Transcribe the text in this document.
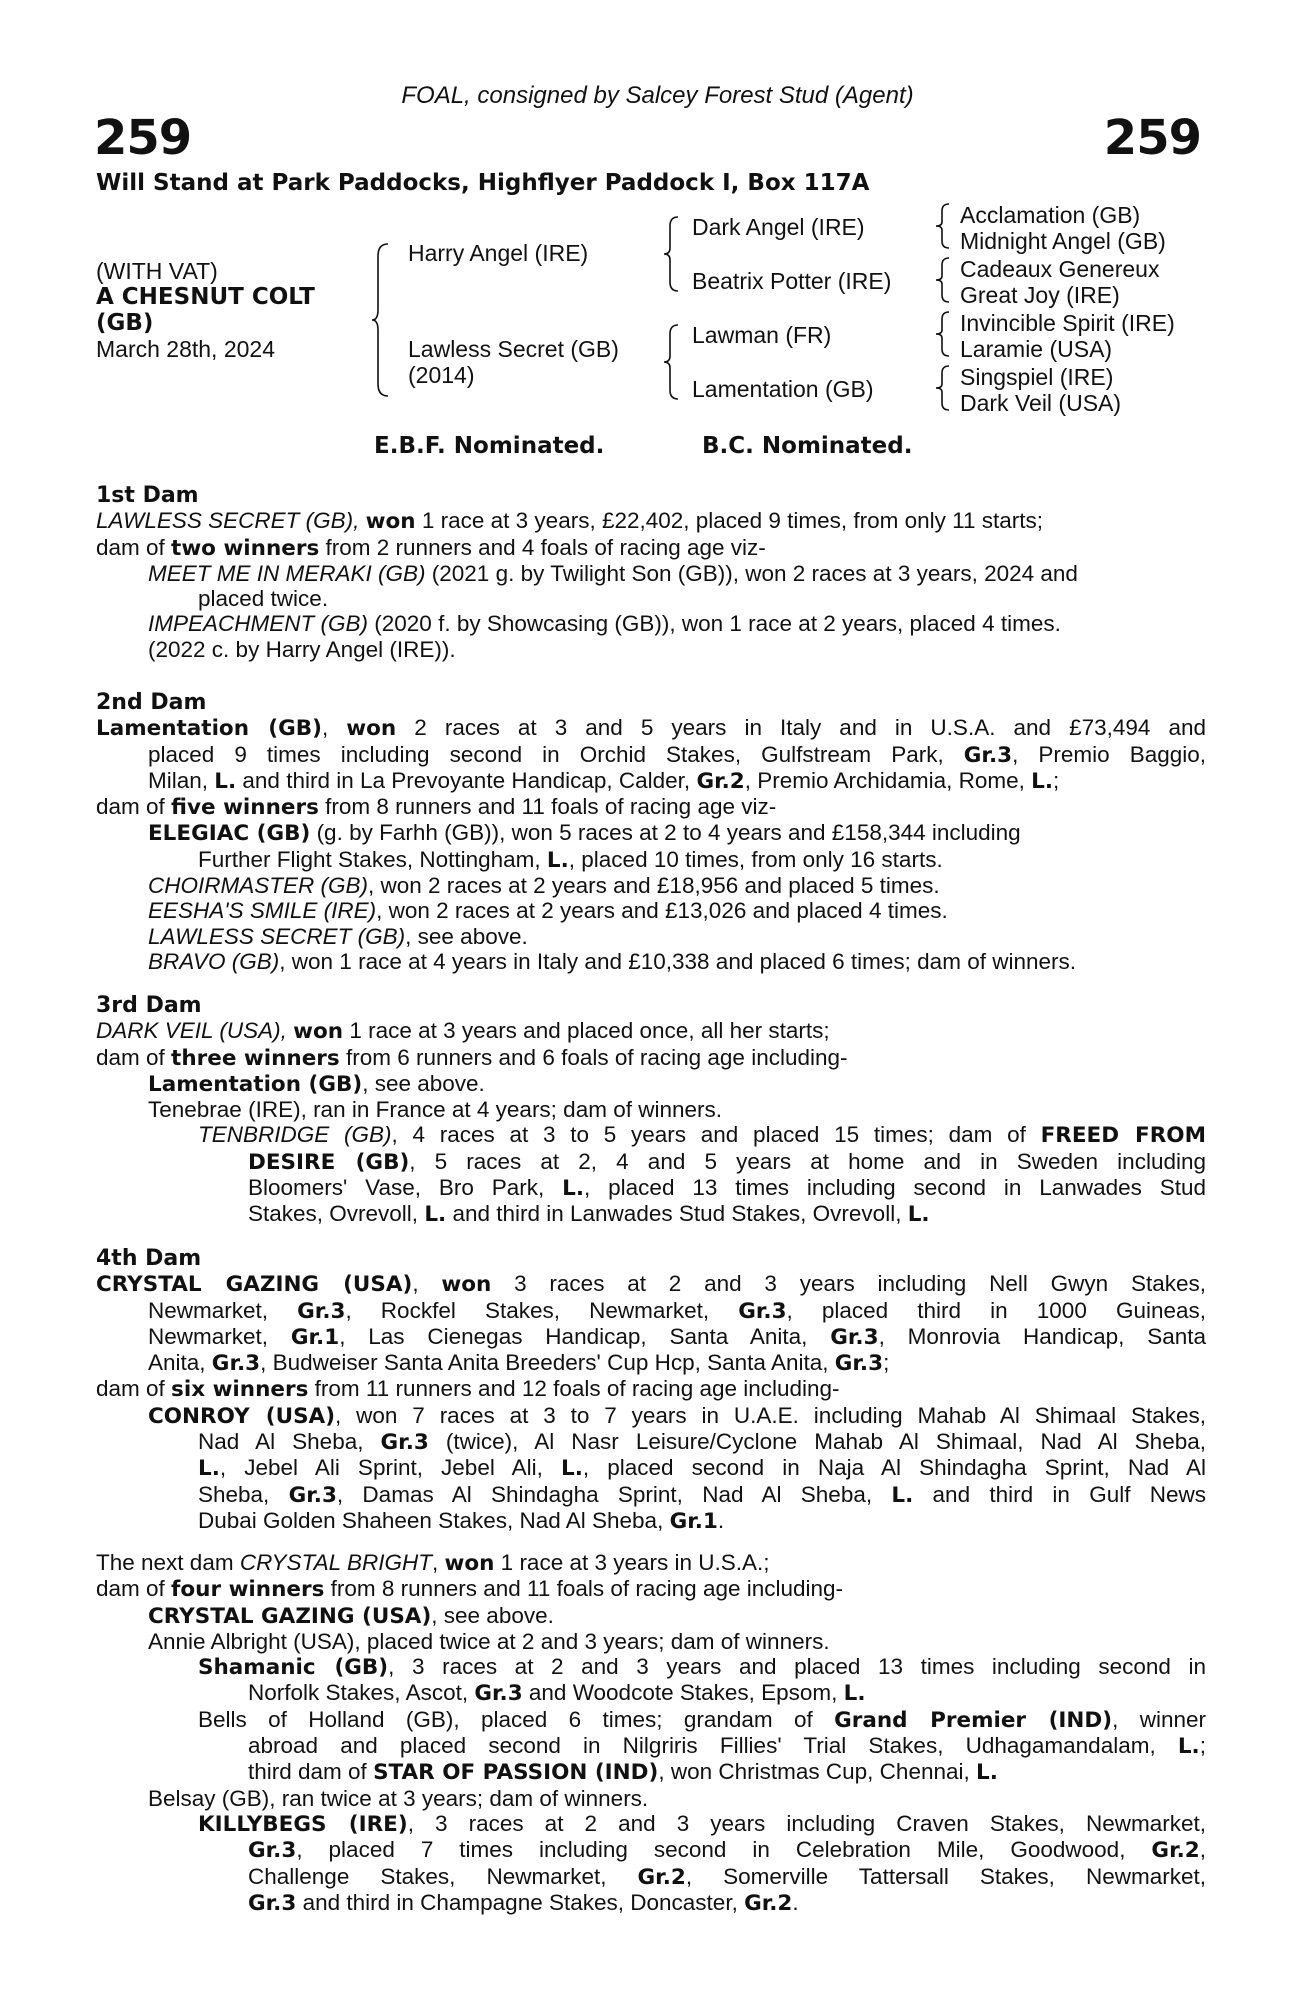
FOAL, consigned by Salcey Forest Stud (Agent)
259	259
Will Stand at Park Paddocks, Highflyer Paddock I, Box 117A
(WITH VAT)
A CHESNUT COLT
(GB)
March 28th, 2024
Harry Angel (IRE)
Lawless Secret (GB)
(2014)
Dark Angel (IRE)
Beatrix Potter (IRE)
Lawman (FR)
Lamentation (GB)
Acclamation (GB)
Midnight Angel (GB)
Cadeaux Genereux
Great Joy (IRE)
Invincible Spirit (IRE)
Laramie (USA)
Singspiel (IRE)
Dark Veil (USA)
E.B.F. Nominated.	B.C. Nominated.
1st Dam
LAWLESS SECRET (GB), won 1 race at 3 years, £22,402, placed 9 times, from only 11 starts;
dam of two winners from 2 runners and 4 foals of racing age viz-
MEET ME IN MERAKI (GB) (2021 g. by Twilight Son (GB)), won 2 races at 3 years, 2024 and
placed twice.
IMPEACHMENT (GB) (2020 f. by Showcasing (GB)), won 1 race at 2 years, placed 4 times.
(2022 c. by Harry Angel (IRE)).
2nd Dam
Lamentation (GB), won 2 races at 3 and 5 years in Italy and in U.S.A. and £73,494 and
placed 9 times including second in Orchid Stakes, Gulfstream Park, Gr.3, Premio Baggio,
Milan, L. and third in La Prevoyante Handicap, Calder, Gr.2, Premio Archidamia, Rome, L.;
dam of five winners from 8 runners and 11 foals of racing age viz-
ELEGIAC (GB) (g. by Farhh (GB)), won 5 races at 2 to 4 years and £158,344 including
Further Flight Stakes, Nottingham, L., placed 10 times, from only 16 starts.
CHOIRMASTER (GB), won 2 races at 2 years and £18,956 and placed 5 times.
EESHA'S SMILE (IRE), won 2 races at 2 years and £13,026 and placed 4 times.
LAWLESS SECRET (GB), see above.
BRAVO (GB), won 1 race at 4 years in Italy and £10,338 and placed 6 times; dam of winners.
3rd Dam
DARK VEIL (USA), won 1 race at 3 years and placed once, all her starts;
dam of three winners from 6 runners and 6 foals of racing age including-
Lamentation (GB), see above.
Tenebrae (IRE), ran in France at 4 years; dam of winners.
TENBRIDGE (GB), 4 races at 3 to 5 years and placed 15 times; dam of FREED FROM
DESIRE (GB), 5 races at 2, 4 and 5 years at home and in Sweden including
Bloomers' Vase, Bro Park, L., placed 13 times including second in Lanwades Stud
Stakes, Ovrevoll, L. and third in Lanwades Stud Stakes, Ovrevoll, L.
4th Dam
CRYSTAL GAZING (USA), won 3 races at 2 and 3 years including Nell Gwyn Stakes,
Newmarket, Gr.3, Rockfel Stakes, Newmarket, Gr.3, placed third in 1000 Guineas,
Newmarket, Gr.1, Las Cienegas Handicap, Santa Anita, Gr.3, Monrovia Handicap, Santa
Anita, Gr.3, Budweiser Santa Anita Breeders' Cup Hcp, Santa Anita, Gr.3;
dam of six winners from 11 runners and 12 foals of racing age including-
CONROY (USA), won 7 races at 3 to 7 years in U.A.E. including Mahab Al Shimaal Stakes,
Nad Al Sheba, Gr.3 (twice), Al Nasr Leisure/Cyclone Mahab Al Shimaal, Nad Al Sheba,
L., Jebel Ali Sprint, Jebel Ali, L., placed second in Naja Al Shindagha Sprint, Nad Al
Sheba, Gr.3, Damas Al Shindagha Sprint, Nad Al Sheba, L. and third in Gulf News
Dubai Golden Shaheen Stakes, Nad Al Sheba, Gr.1.
The next dam CRYSTAL BRIGHT, won 1 race at 3 years in U.S.A.;
dam of four winners from 8 runners and 11 foals of racing age including-
CRYSTAL GAZING (USA), see above.
Annie Albright (USA), placed twice at 2 and 3 years; dam of winners.
Shamanic (GB), 3 races at 2 and 3 years and placed 13 times including second in
Norfolk Stakes, Ascot, Gr.3 and Woodcote Stakes, Epsom, L.
Bells of Holland (GB), placed 6 times; grandam of Grand Premier (IND), winner
abroad and placed second in Nilgriris Fillies' Trial Stakes, Udhagamandalam, L.;
third dam of STAR OF PASSION (IND), won Christmas Cup, Chennai, L.
Belsay (GB), ran twice at 3 years; dam of winners.
KILLYBEGS (IRE), 3 races at 2 and 3 years including Craven Stakes, Newmarket,
Gr.3, placed 7 times including second in Celebration Mile, Goodwood, Gr.2,
Challenge Stakes, Newmarket, Gr.2, Somerville Tattersall Stakes, Newmarket,
Gr.3 and third in Champagne Stakes, Doncaster, Gr.2.
